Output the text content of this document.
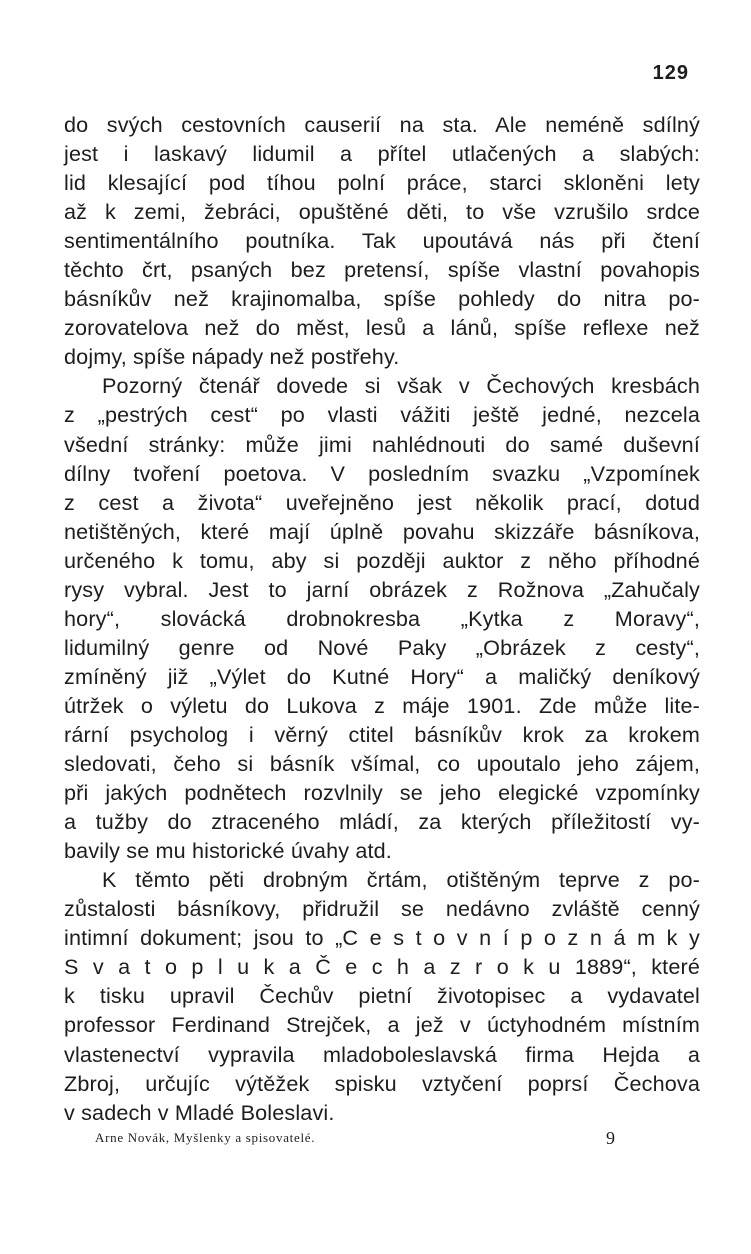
129
do svých cestovních causerií na sta. Ale neméně sdílný
jest i laskavý lidumil a přítel utlačených a slabých:
lid klesající pod tíhou polní práce, starci skloněni lety
až k zemi, žebráci, opuštěné děti, to vše vzrušilo srdce
sentimentálního poutníka. Tak upoutává nás při čtení
těchto črt, psaných bez pretensí, spíše vlastní povahopis
básníkův než krajinomalba, spíše pohledy do nitra po-
zorovatelova než do měst, lesů a lánů, spíše reflexe než
dojmy, spíše nápady než postřehy.
Pozorný čtenář dovede si však v Čechových kresbách
z „pestrých cest“ po vlasti vážiti ještě jedné, nezcela
všední stránky: může jimi nahlédnouti do samé duševní
dílny tvoření poetova. V posledním svazku „Vzpomínek
z cest a života“ uveřejněno jest několik prací, dotud
netištěných, které mají úplně povahu skizzáře básníkova,
určeného k tomu, aby si později auktor z něho příhodné
rysy vybral. Jest to jarní obrázek z Rožnova „Zahučaly
hory“, slovácká drobnokresba „Kytka z Moravy“,
lidumilný genre od Nové Paky „Obrázek z cesty“,
zmíněný již „Výlet do Kutné Hory“ a maličký deníkový
útržek o výletu do Lukova z máje 1901. Zde může lite-
rární psycholog i věrný ctitel básníkův krok za krokem
sledovati, čeho si básník všímal, co upoutalo jeho zájem,
při jakých podnětech rozvlnily se jeho elegické vzpomínky
a tužby do ztraceného mládí, za kterých příležitostí vy-
bavily se mu historické úvahy atd.
K těmto pěti drobným črtám, otištěným teprve z po-
zůstalosti básníkovy, přidružil se nedávno zvláště cenný
intimní dokument; jsou to „C e s t o v n í p o z n á m k y
S v a t o p l u k a Č e c h a z r o k u 1889“, které
k tisku upravil Čechův pietní životopisec a vydavatel
professor Ferdinand Strejček, a jež v úctyhodném místním
vlastenectví vypravila mladoboleslavská firma Hejda a
Zbroj, určujíc výtěžek spisku vztyčení poprsí Čechova
v sadech v Mladé Boleslavi.
Arne Novák, Myšlenky a spisovatelé.	9
